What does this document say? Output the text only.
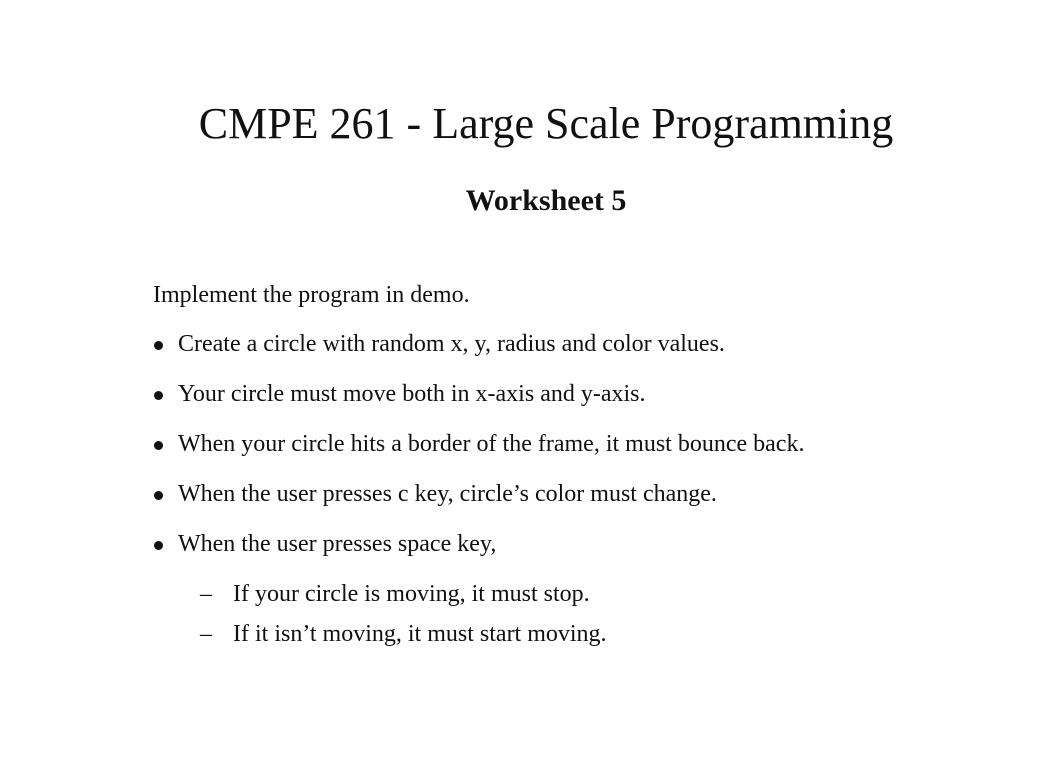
CMPE 261 - Large Scale Programming
Worksheet 5

Implement the program in demo.

Create a circle with random x, y, radius and color values.
Your circle must move both in x-axis and y-axis.
When your circle hits a border of the frame, it must bounce back.
When the user presses c key, circle’s color must change.
When the user presses space key,
– If your circle is moving, it must stop.
– If it isn’t moving, it must start moving.
